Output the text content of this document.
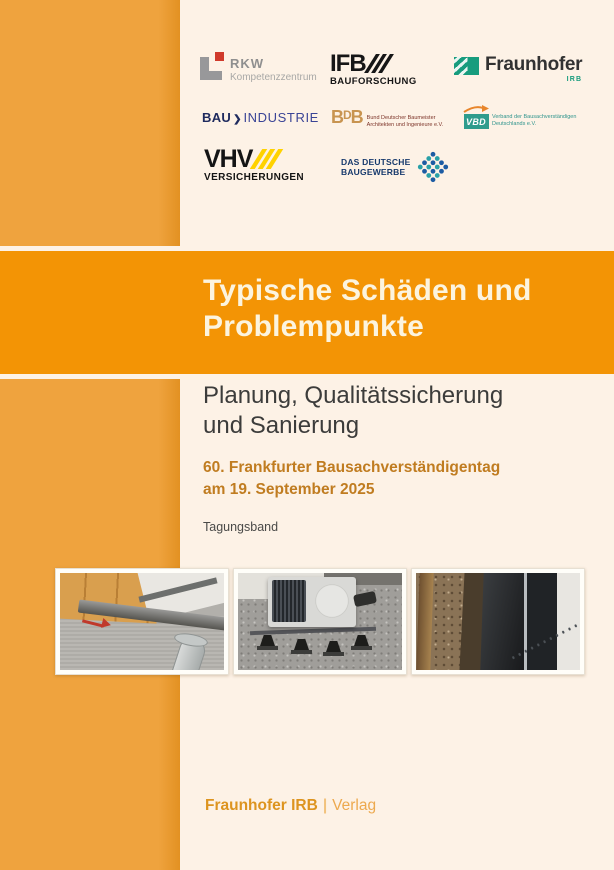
RKW
Kompetenzzentrum
IFB
BAUFORSCHUNG
Fraunhofer
IRB
BAU ❯ INDUSTRIE B D B Bund Deutscher Baumeister
Architekten und Ingenieure e.V.	VBD Verband der Bausachverständigen
Deutschlands e.V.
VHV
VERSICHERUNGEN
DAS DEUTSCHE
BAUGEWERBE
Typische Schäden und
Problempunkte
Planung, Qualitätssicherung
und Sanierung
60. Frankfurter Bausachverständigentag
am 19. September 2025
Tagungsband
Fraunhofer IRB | Verlag
